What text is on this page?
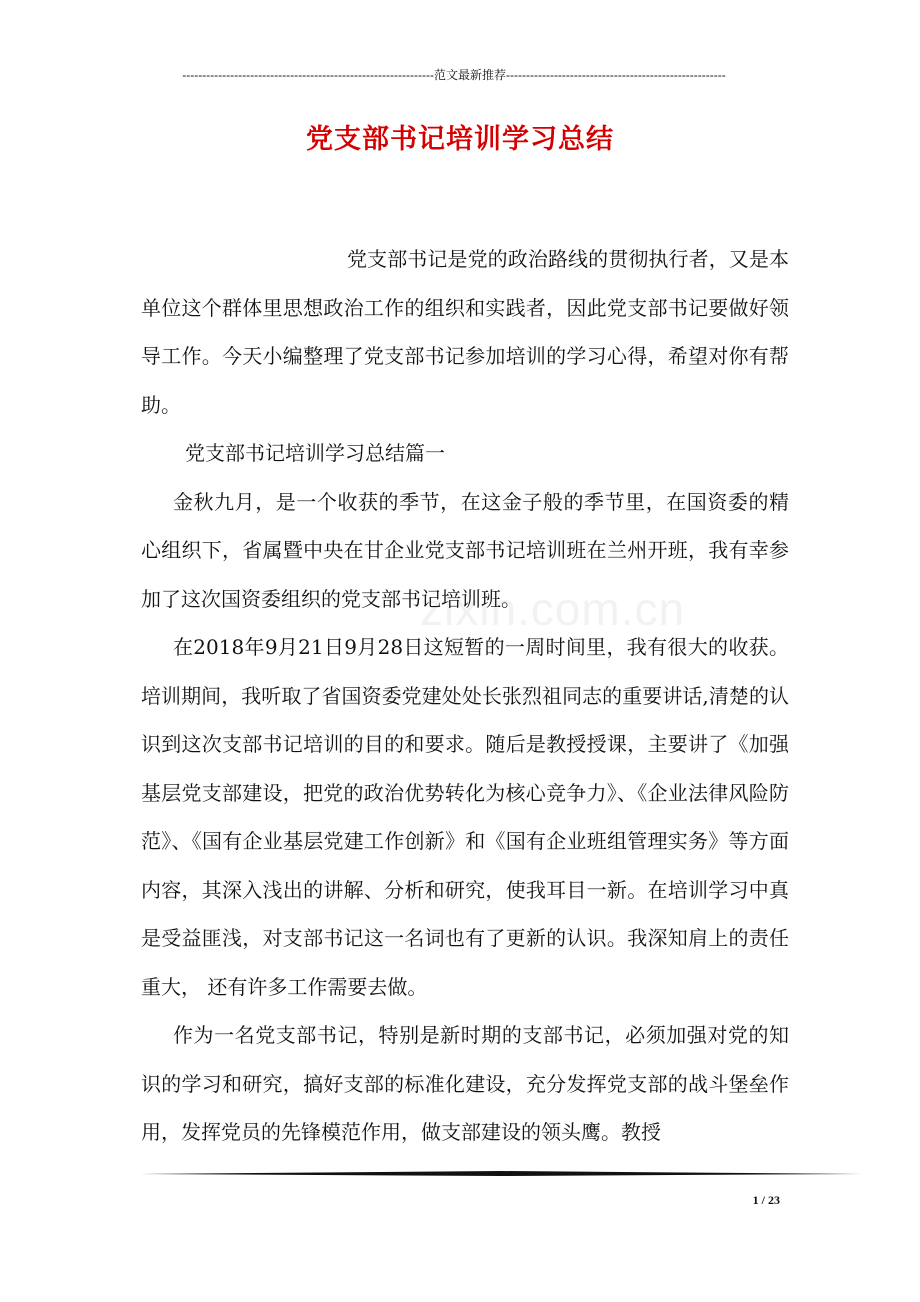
---------------------------------------------------------------范文最新推荐-------------------------------------------------------
党支部书记培训学习总结
zixin.com.cn

党支部书记是党的政治路线的贯彻执行者，又是本单位这个群体里思想政治工作的组织和实践者，因此党支部书记要做好领导工作。今天小编整理了党支部书记参加培训的学习心得，希望对你有帮助。

党支部书记培训学习总结篇一

金秋九月，是一个收获的季节，在这金子般的季节里，在国资委的精心组织下，省属暨中央在甘企业党支部书记培训班在兰州开班，我有幸参加了这次国资委组织的党支部书记培训班。

在2018年9月21日9月28日这短暂的一周时间里，我有很大的收获。培训期间，我听取了省国资委党建处处长张烈祖同志的重要讲话,清楚的认识到这次支部书记培训的目的和要求。随后是教授授课，主要讲了《加强基层党支部建设，把党的政治优势转化为核心竞争力》、《企业法律风险防范》、《国有企业基层党建工作创新》和《国有企业班组管理实务》等方面内容，其深入浅出的讲解、分析和研究，使我耳目一新。在培训学习中真是受益匪浅，对支部书记这一名词也有了更新的认识。我深知肩上的责任重大， 还有许多工作需要去做。

作为一名党支部书记，特别是新时期的支部书记，必须加强对党的知识的学习和研究，搞好支部的标准化建设，充分发挥党支部的战斗堡垒作用，发挥党员的先锋模范作用，做支部建设的领头鹰。教授

1 / 23
